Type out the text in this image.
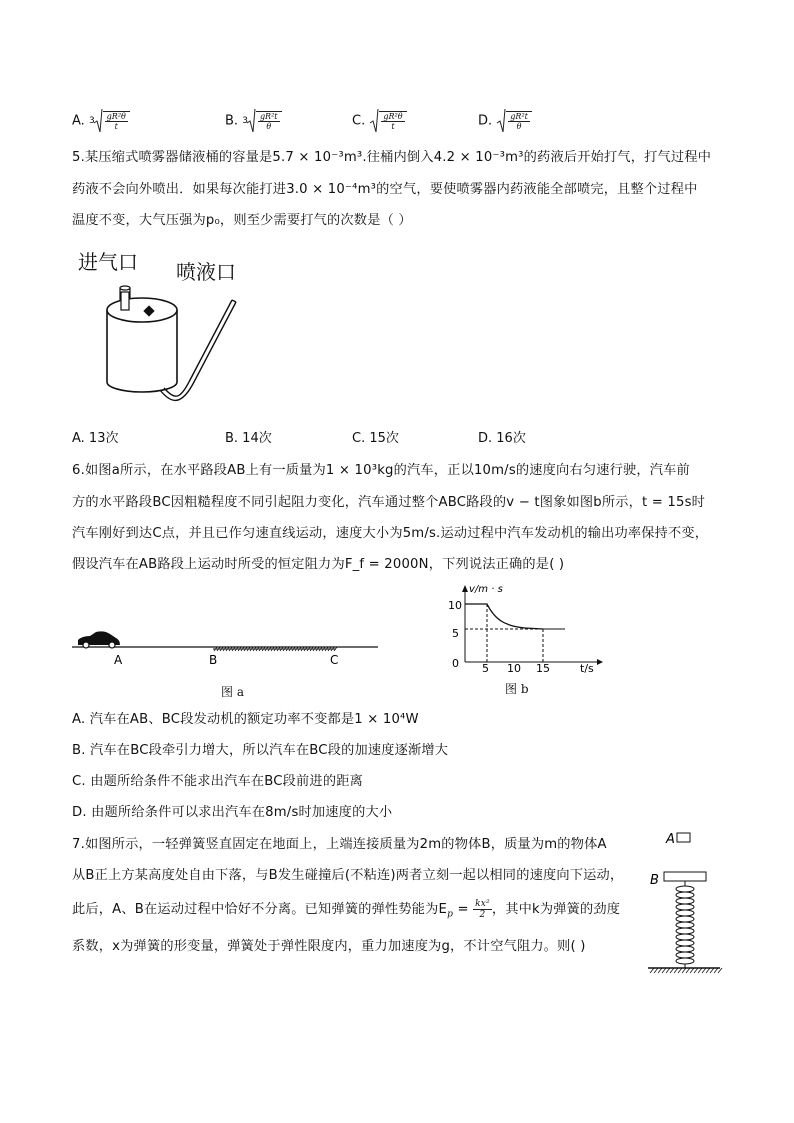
A. $3 \frac{\text{gR²θ}}{t}$	B. $3 \frac{\text{gR²t}}{\theta}$	C. $\frac{\text{gR²θ}}{t}$	D. $\frac{\text{gR²t}}{\theta}$
5.某压缩式喷雾器储液桶的容量是5.7 × 10⁻³m³.往桶内倒入4.2 × 10⁻³m³的药液后开始打气，打气过程中
药液不会向外喷出．如果每次能打进3.0 × 10⁻⁴m³的空气，要使喷雾器内药液能全部喷完，且整个过程中
温度不变，大气压强为p₀，则至少需要打气的次数是（ ）
进气口 喷液口
A. 13次	B. 14次	C. 15次	D. 16次
6.如图a所示，在水平路段AB上有一质量为1 × 10³kg的汽车，正以10m/s的速度向右匀速行驶，汽车前
方的水平路段BC因粗糙程度不同引起阻力变化，汽车通过整个ABC路段的v − t图象如图b所示，t = 15s时
汽车刚好到达C点，并且已作匀速直线运动，速度大小为5m/s.运动过程中汽车发动机的输出功率保持不变，
假设汽车在AB路段上运动时所受的恒定阻力为F_f = 2000N，下列说法正确的是( )
A	B	C
图 a
v/m · s
t/s
10
5
0 5 10 15
图 b
A. 汽车在AB、BC段发动机的额定功率不变都是1 × 10⁴W
B. 汽车在BC段牵引力增大，所以汽车在BC段的加速度逐渐增大
C. 由题所给条件不能求出汽车在BC段前进的距离
D. 由题所给条件可以求出汽车在8m/s时加速度的大小
7.如图所示，一轻弹簧竖直固定在地面上，上端连接质量为2m的物体B，质量为m的物体A
从B正上方某高度处自由下落，与B发生碰撞后(不粘连)两者立刻一起以相同的速度向下运动，
此后，A、B在运动过程中恰好不分离。已知弹簧的弹性势能为$E_p = \frac{\text{kx²}}{2}$ ，其中k为弹簧的劲度
系数，x为弹簧的形变量，弹簧处于弹性限度内，重力加速度为g，不计空气阻力。则( )
A
B
